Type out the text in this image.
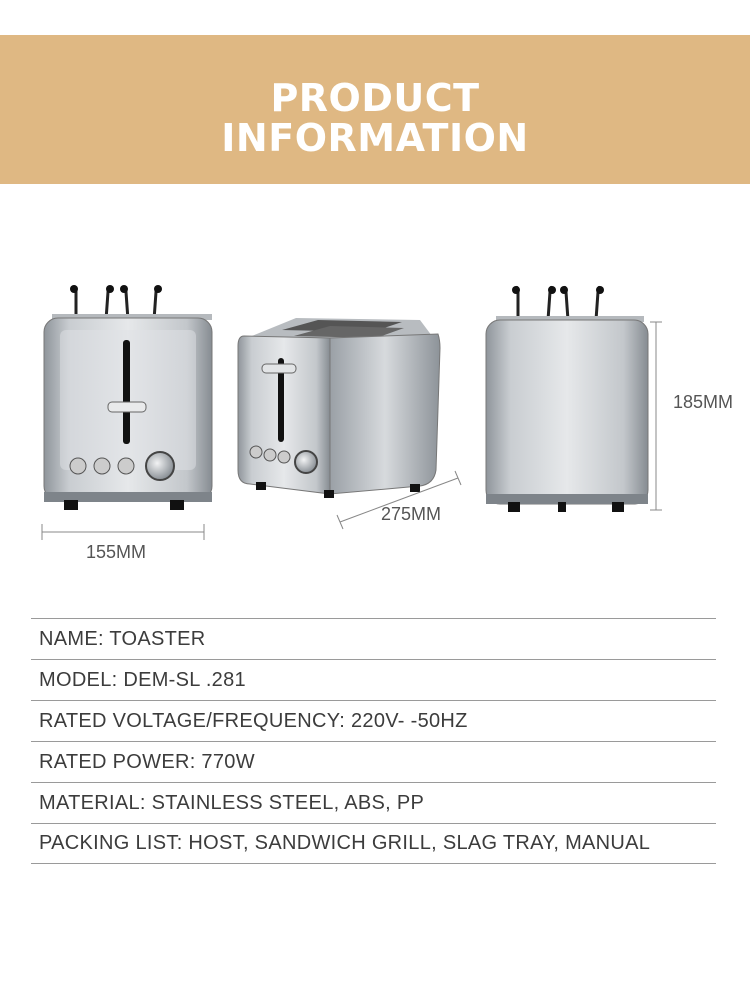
PRODUCT
INFORMATION
155MM
275MM
185MM
NAME: TOASTER
MODEL: DEM-SL .281
RATED VOLTAGE/FREQUENCY: 220V- -50HZ
RATED POWER: 770W
MATERIAL: STAINLESS STEEL, ABS, PP
PACKING LIST: HOST, SANDWICH GRILL, SLAG TRAY, MANUAL
